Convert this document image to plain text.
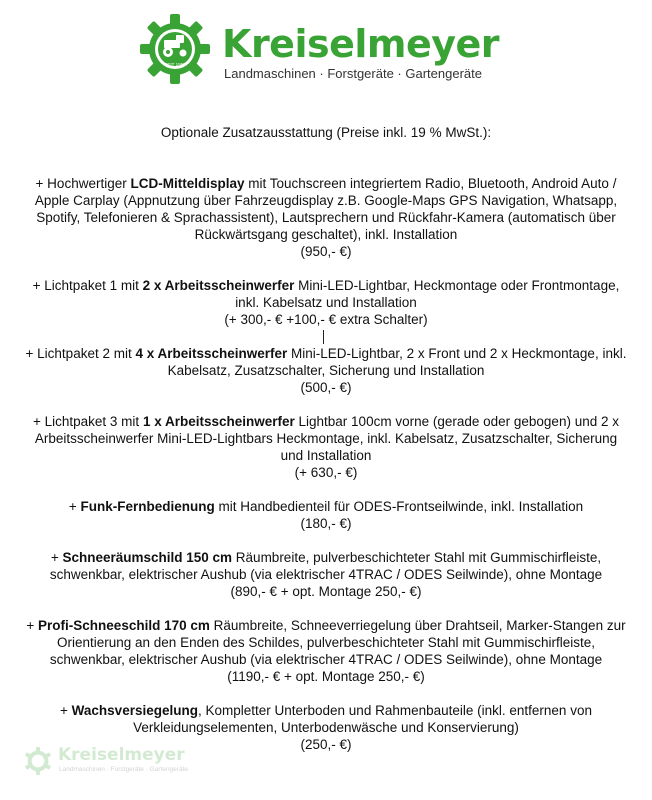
SEIT 1957 Kreiselmeyer
Landmaschinen · Forstgeräte · Gartengeräte

Optionale Zusatzausstattung (Preise inkl. 19 % MwSt.):

+ Hochwertiger LCD-Mitteldisplay mit Touchscreen integriertem Radio, Bluetooth, Android Auto / Apple Carplay (Appnutzung über Fahrzeugdisplay z.B. Google-Maps GPS Navigation, Whatsapp, Spotify, Telefonieren & Sprachassistent), Lautsprechern und Rückfahr-Kamera (automatisch über Rückwärtsgang geschaltet), inkl. Installation
(950,- €)

+ Lichtpaket 1 mit 2 x Arbeitsscheinwerfer Mini-LED-Lightbar, Heckmontage oder Frontmontage, inkl. Kabelsatz und Installation
(+ 300,- € +100,- € extra Schalter)

+ Lichtpaket 2 mit 4 x Arbeitsscheinwerfer Mini-LED-Lightbar, 2 x Front und 2 x Heckmontage, inkl. Kabelsatz, Zusatzschalter, Sicherung und Installation
(500,- €)

+ Lichtpaket 3 mit 1 x Arbeitsscheinwerfer Lightbar 100cm vorne (gerade oder gebogen) und 2 x Arbeitsscheinwerfer Mini-LED-Lightbars Heckmontage, inkl. Kabelsatz, Zusatzschalter, Sicherung und Installation
(+ 630,- €)

+ Funk-Fernbedienung mit Handbedienteil für ODES-Frontseilwinde, inkl. Installation
(180,- €)

+ Schneeräumschild 150 cm Räumbreite, pulverbeschichteter Stahl mit Gummischirfleiste, schwenkbar, elektrischer Aushub (via elektrischer 4TRAC / ODES Seilwinde), ohne Montage
(890,- € + opt. Montage 250,- €)

+ Profi-Schneeschild 170 cm Räumbreite, Schneeverriegelung über Drahtseil, Marker-Stangen zur Orientierung an den Enden des Schildes, pulverbeschichteter Stahl mit Gummischirfleiste, schwenkbar, elektrischer Aushub (via elektrischer 4TRAC / ODES Seilwinde), ohne Montage
(1190,- € + opt. Montage 250,- €)

+ Wachsversiegelung, Kompletter Unterboden und Rahmenbauteile (inkl. entfernen von Verkleidungselementen, Unterbodenwäsche und Konservierung)
(250,- €)

Kreiselmeyer
Landmaschinen · Forstgeräte · Gartengeräte
